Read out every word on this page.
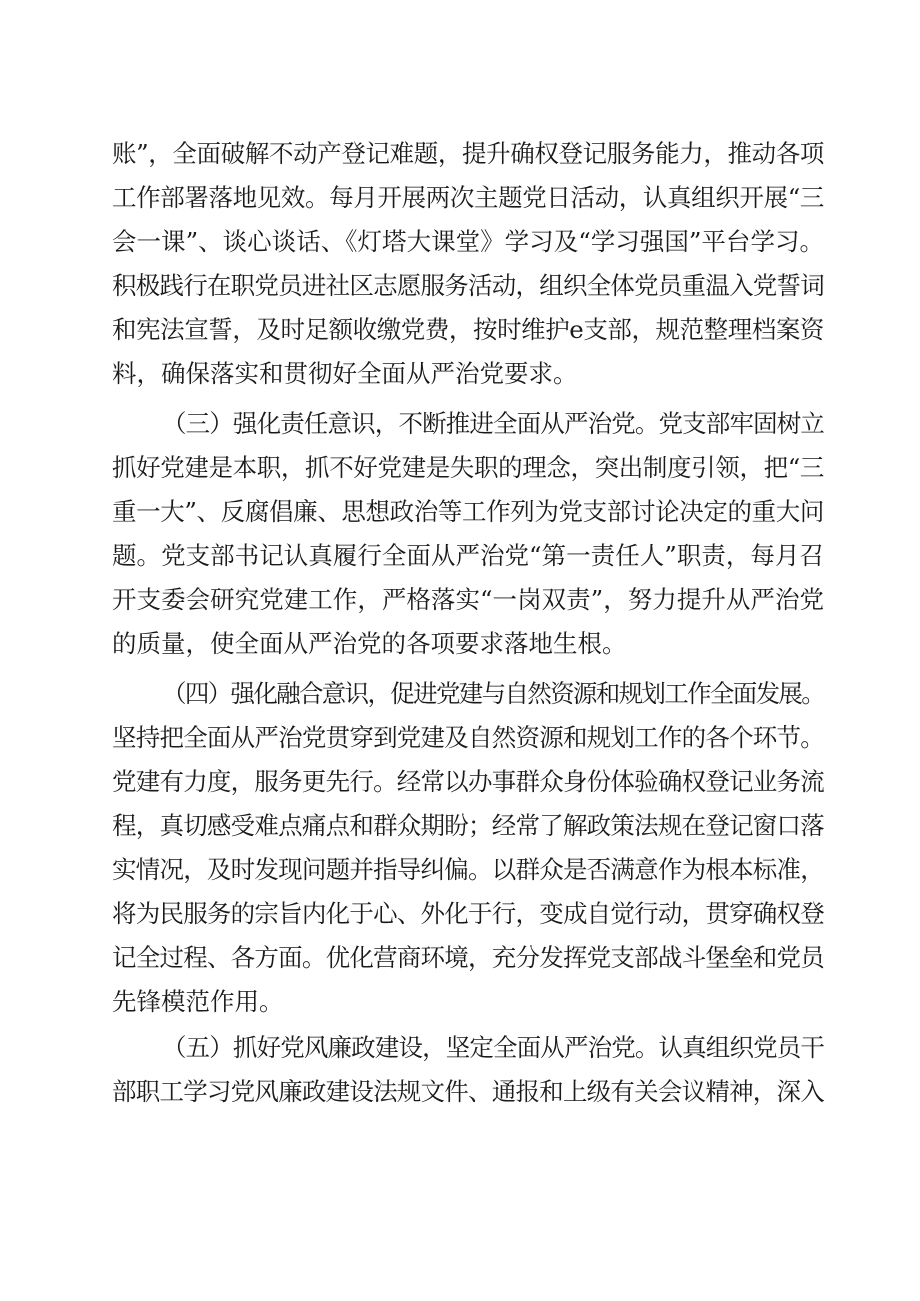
账”，全面破解不动产登记难题，提升确权登记服务能力，推动各项
工作部署落地见效。每月开展两次主题党日活动，认真组织开展“三
会一课”、谈心谈话、《灯塔大课堂》学习及“学习强国”平台学习。
积极践行在职党员进社区志愿服务活动，组织全体党员重温入党誓词
和宪法宣誓，及时足额收缴党费，按时维护e支部，规范整理档案资
料，确保落实和贯彻好全面从严治党要求。
（三）强化责任意识，不断推进全面从严治党。党支部牢固树立
抓好党建是本职，抓不好党建是失职的理念，突出制度引领，把“三
重一大”、反腐倡廉、思想政治等工作列为党支部讨论决定的重大问
题。党支部书记认真履行全面从严治党“第一责任人”职责，每月召
开支委会研究党建工作，严格落实“一岗双责”，努力提升从严治党
的质量，使全面从严治党的各项要求落地生根。
（四）强化融合意识，促进党建与自然资源和规划工作全面发展。
坚持把全面从严治党贯穿到党建及自然资源和规划工作的各个环节。
党建有力度，服务更先行。经常以办事群众身份体验确权登记业务流
程，真切感受难点痛点和群众期盼；经常了解政策法规在登记窗口落
实情况，及时发现问题并指导纠偏。以群众是否满意作为根本标准，
将为民服务的宗旨内化于心、外化于行，变成自觉行动，贯穿确权登
记全过程、各方面。优化营商环境，充分发挥党支部战斗堡垒和党员
先锋模范作用。
（五）抓好党风廉政建设，坚定全面从严治党。认真组织党员干
部职工学习党风廉政建设法规文件、通报和上级有关会议精神，深入
